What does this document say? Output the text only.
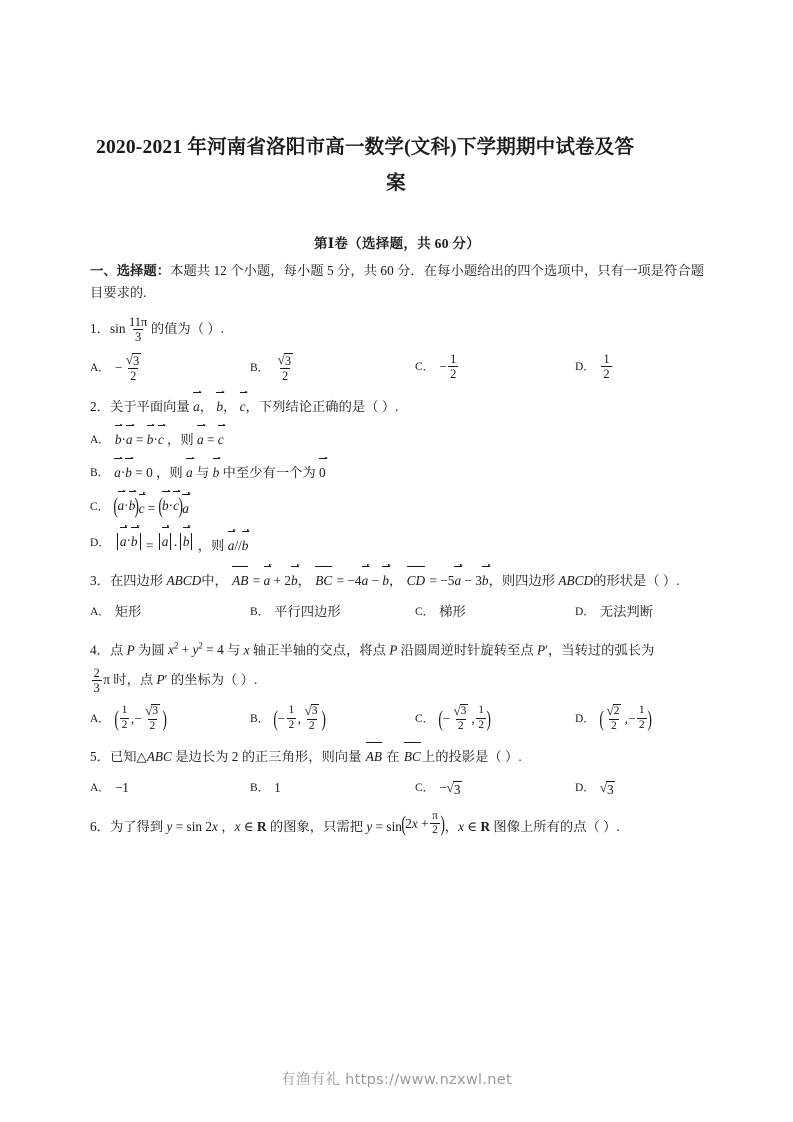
2020-2021 年河南省洛阳市高一数学(文科)下学期期中试卷及答
案
第Ⅰ卷（选择题，共 60 分）
一、选择题：本题共 12 个小题，每小题 5 分，共 60 分．在每小题给出的四个选项中，只有一项是符合题目要求的.
1．$\sin \frac{11\pi}{3}$ 的值为（ ）.
A． − $\frac{√ 3}{2}$	B． $\frac{√ 3}{2}$	C． − $\frac{1}{2}$	D． $\frac{1}{2}$
2．关于平面向量 a， b， c，下列结论正确的是（ ）.
A． b·a = b·c ，则 a = c
B． a·b = 0 ，则 a 与 b 中至少有一个为 0
C． ( a · b ) c = ( b · c ) a
D． a · b = a · b ，则 a//b
3．在四边形 ABCD中， AB = a + 2b， BC = −4a − b， CD = −5a − 3b，则四边形 ABCD的形状是（ ）.
A． 矩形	B． 平行四边形	C． 梯形	D． 无法判断
4．点 P 为圆 $x^2 + y^2 = 4$ 与 x 轴正半轴的交点，将点 P 沿圆周逆时针旋转至点 P′，当转过的弧长为
$\frac{2}{3}$ π 时，点 P′ 的坐标为（ ）.
A． ( $\frac{1}{2}$ , − $\frac{√ 3}{2}$ )	B． ( − $\frac{1}{2}$ , $\frac{√ 3}{2}$ )	C． ( − $\frac{√ 3}{2}$ , $\frac{1}{2}$ )	D． ( $\frac{√ 2}{2}$ , − $\frac{1}{2}$ )
5．已知△ABC 是边长为 2 的正三角形，则向量 AB 在 BC上的投影是（ ）.
A． −1	B． 1	C． − √ 3	D． √ 3
6．为了得到 y = sin 2x ，x ∈ R 的图象，只需把 y = sin ( $2x + \frac{\pi}{2}$ ) ，x ∈ R 图像上所有的点（ ）.
有渔有礼 https://www.nzxwl.net
